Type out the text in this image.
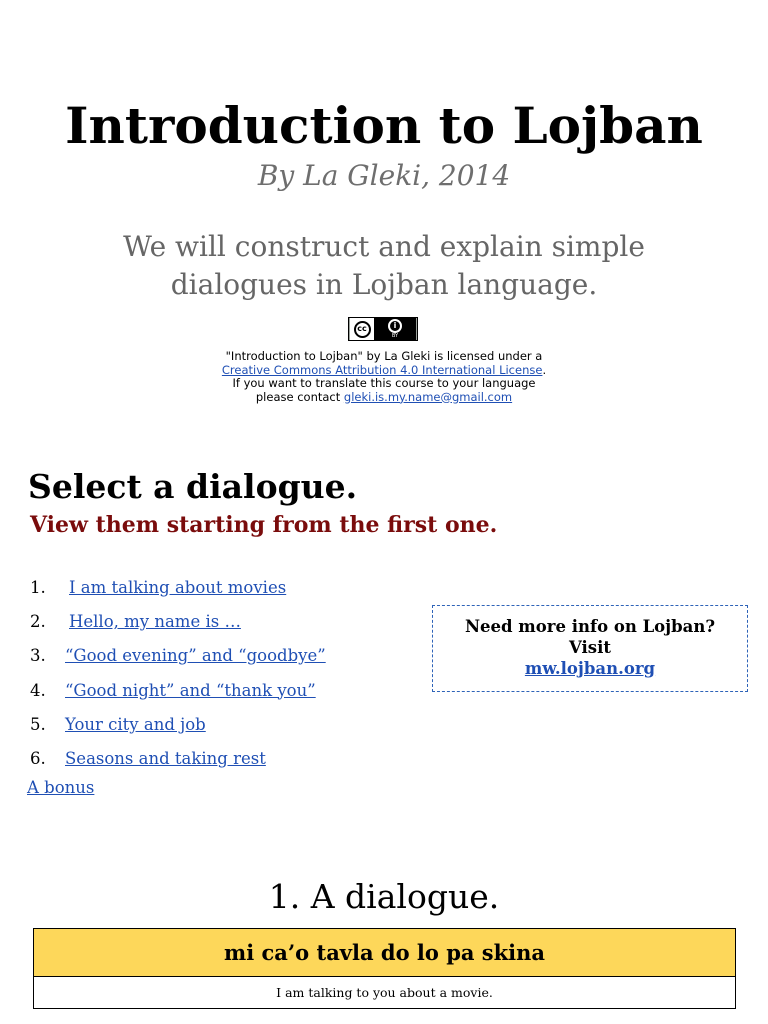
Introduction to Lojban
By La Gleki, 2014
We will construct and explain simple dialogues in Lojban language.
cc	i
BY
"Introduction to Lojban" by La Gleki is licensed under a Creative Commons Attribution 4.0 International License.
If you want to translate this course to your language please contact gleki.is.my.name@gmail.com
Select a dialogue.
View them starting from the first one.
1.	I am talking about movies
2.	Hello, my name is …
3.	“Good evening” and “goodbye”
4.	“Good night” and “thank you”
5.	Your city and job
6.	Seasons and taking rest
A bonus
Need more info on Lojban?
Visit
mw.lojban.org
1. A dialogue.
mi ca’o tavla do lo pa skina
I am talking to you about a movie.
